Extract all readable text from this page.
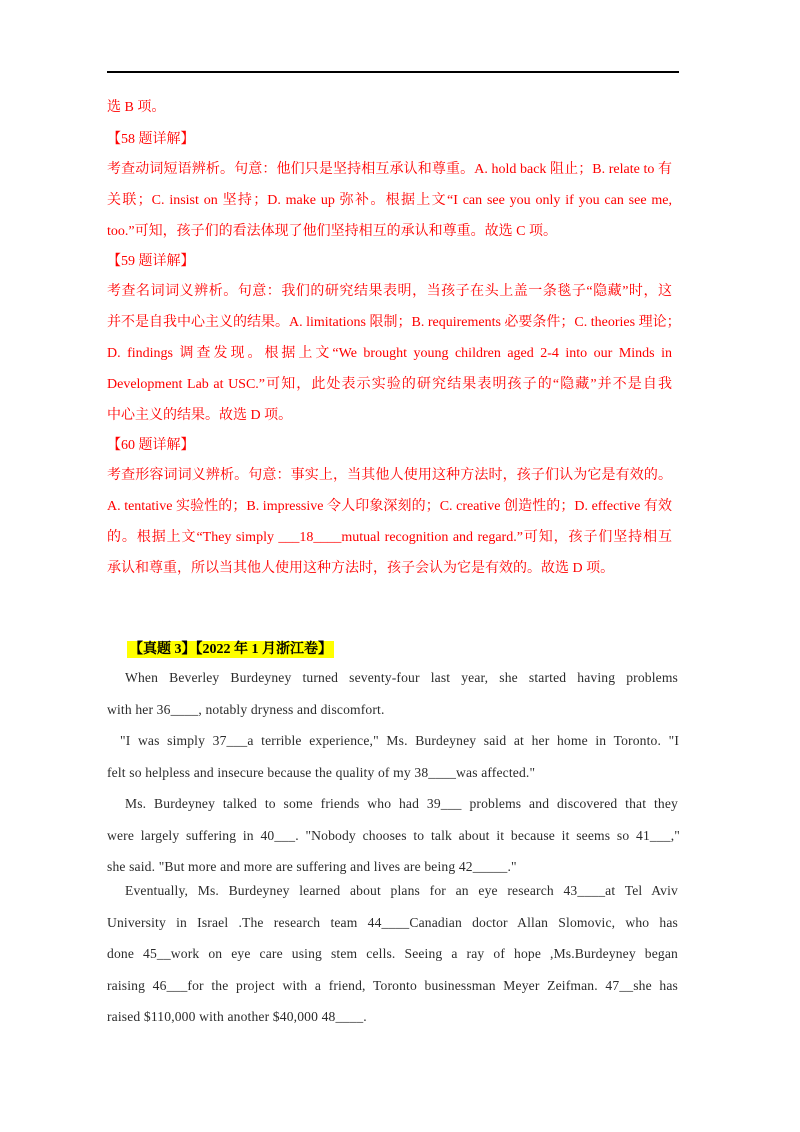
选 B 项。
【58 题详解】
考查动词短语辨析。句意：他们只是坚持相互承认和尊重。A. hold back 阻止；B. relate to 有
关联；C. insist on 坚持；D. make up 弥补。根据上文“I can see you only if you can see me,
too.”可知，孩子们的看法体现了他们坚持相互的承认和尊重。故选 C 项。
【59 题详解】
考查名词词义辨析。句意：我们的研究结果表明，当孩子在头上盖一条毯子“隐藏”时，这
并不是自我中心主义的结果。A. limitations 限制；B. requirements 必要条件；C. theories 理论；
D. findings 调查发现。根据上文“We brought young children aged 2-4 into our Minds in
Development Lab at USC.”可知，此处表示实验的研究结果表明孩子的“隐藏”并不是自我
中心主义的结果。故选 D 项。
【60 题详解】
考查形容词词义辨析。句意：事实上，当其他人使用这种方法时，孩子们认为它是有效的。
A. tentative 实验性的；B. impressive 令人印象深刻的；C. creative 创造性的；D. effective 有效
的。根据上文“They simply ___18____mutual recognition and regard.”可知，孩子们坚持相互
承认和尊重，所以当其他人使用这种方法时，孩子会认为它是有效的。故选 D 项。
【真题 3】【2022 年 1 月浙江卷】
When Beverley Burdeyney turned seventy-four last year, she started having problems
with her 36____, notably dryness and discomfort.
"I was simply 37___a terrible experience," Ms. Burdeyney said at her home in Toronto. "I
felt so helpless and insecure because the quality of my 38____was affected."
Ms. Burdeyney talked to some friends who had 39___ problems and discovered that they
were largely suffering in 40___. "Nobody chooses to talk about it because it seems so 41___,"
she said. "But more and more are suffering and lives are being 42_____."
Eventually, Ms. Burdeyney learned about plans for an eye research 43____at Tel Aviv
University in Israel .The research team 44____Canadian doctor Allan Slomovic, who has
done 45__work on eye care using stem cells. Seeing a ray of hope ,Ms.Burdeyney began
raising 46___for the project with a friend, Toronto businessman Meyer Zeifman. 47__she has
raised $110,000 with another $40,000 48____.
